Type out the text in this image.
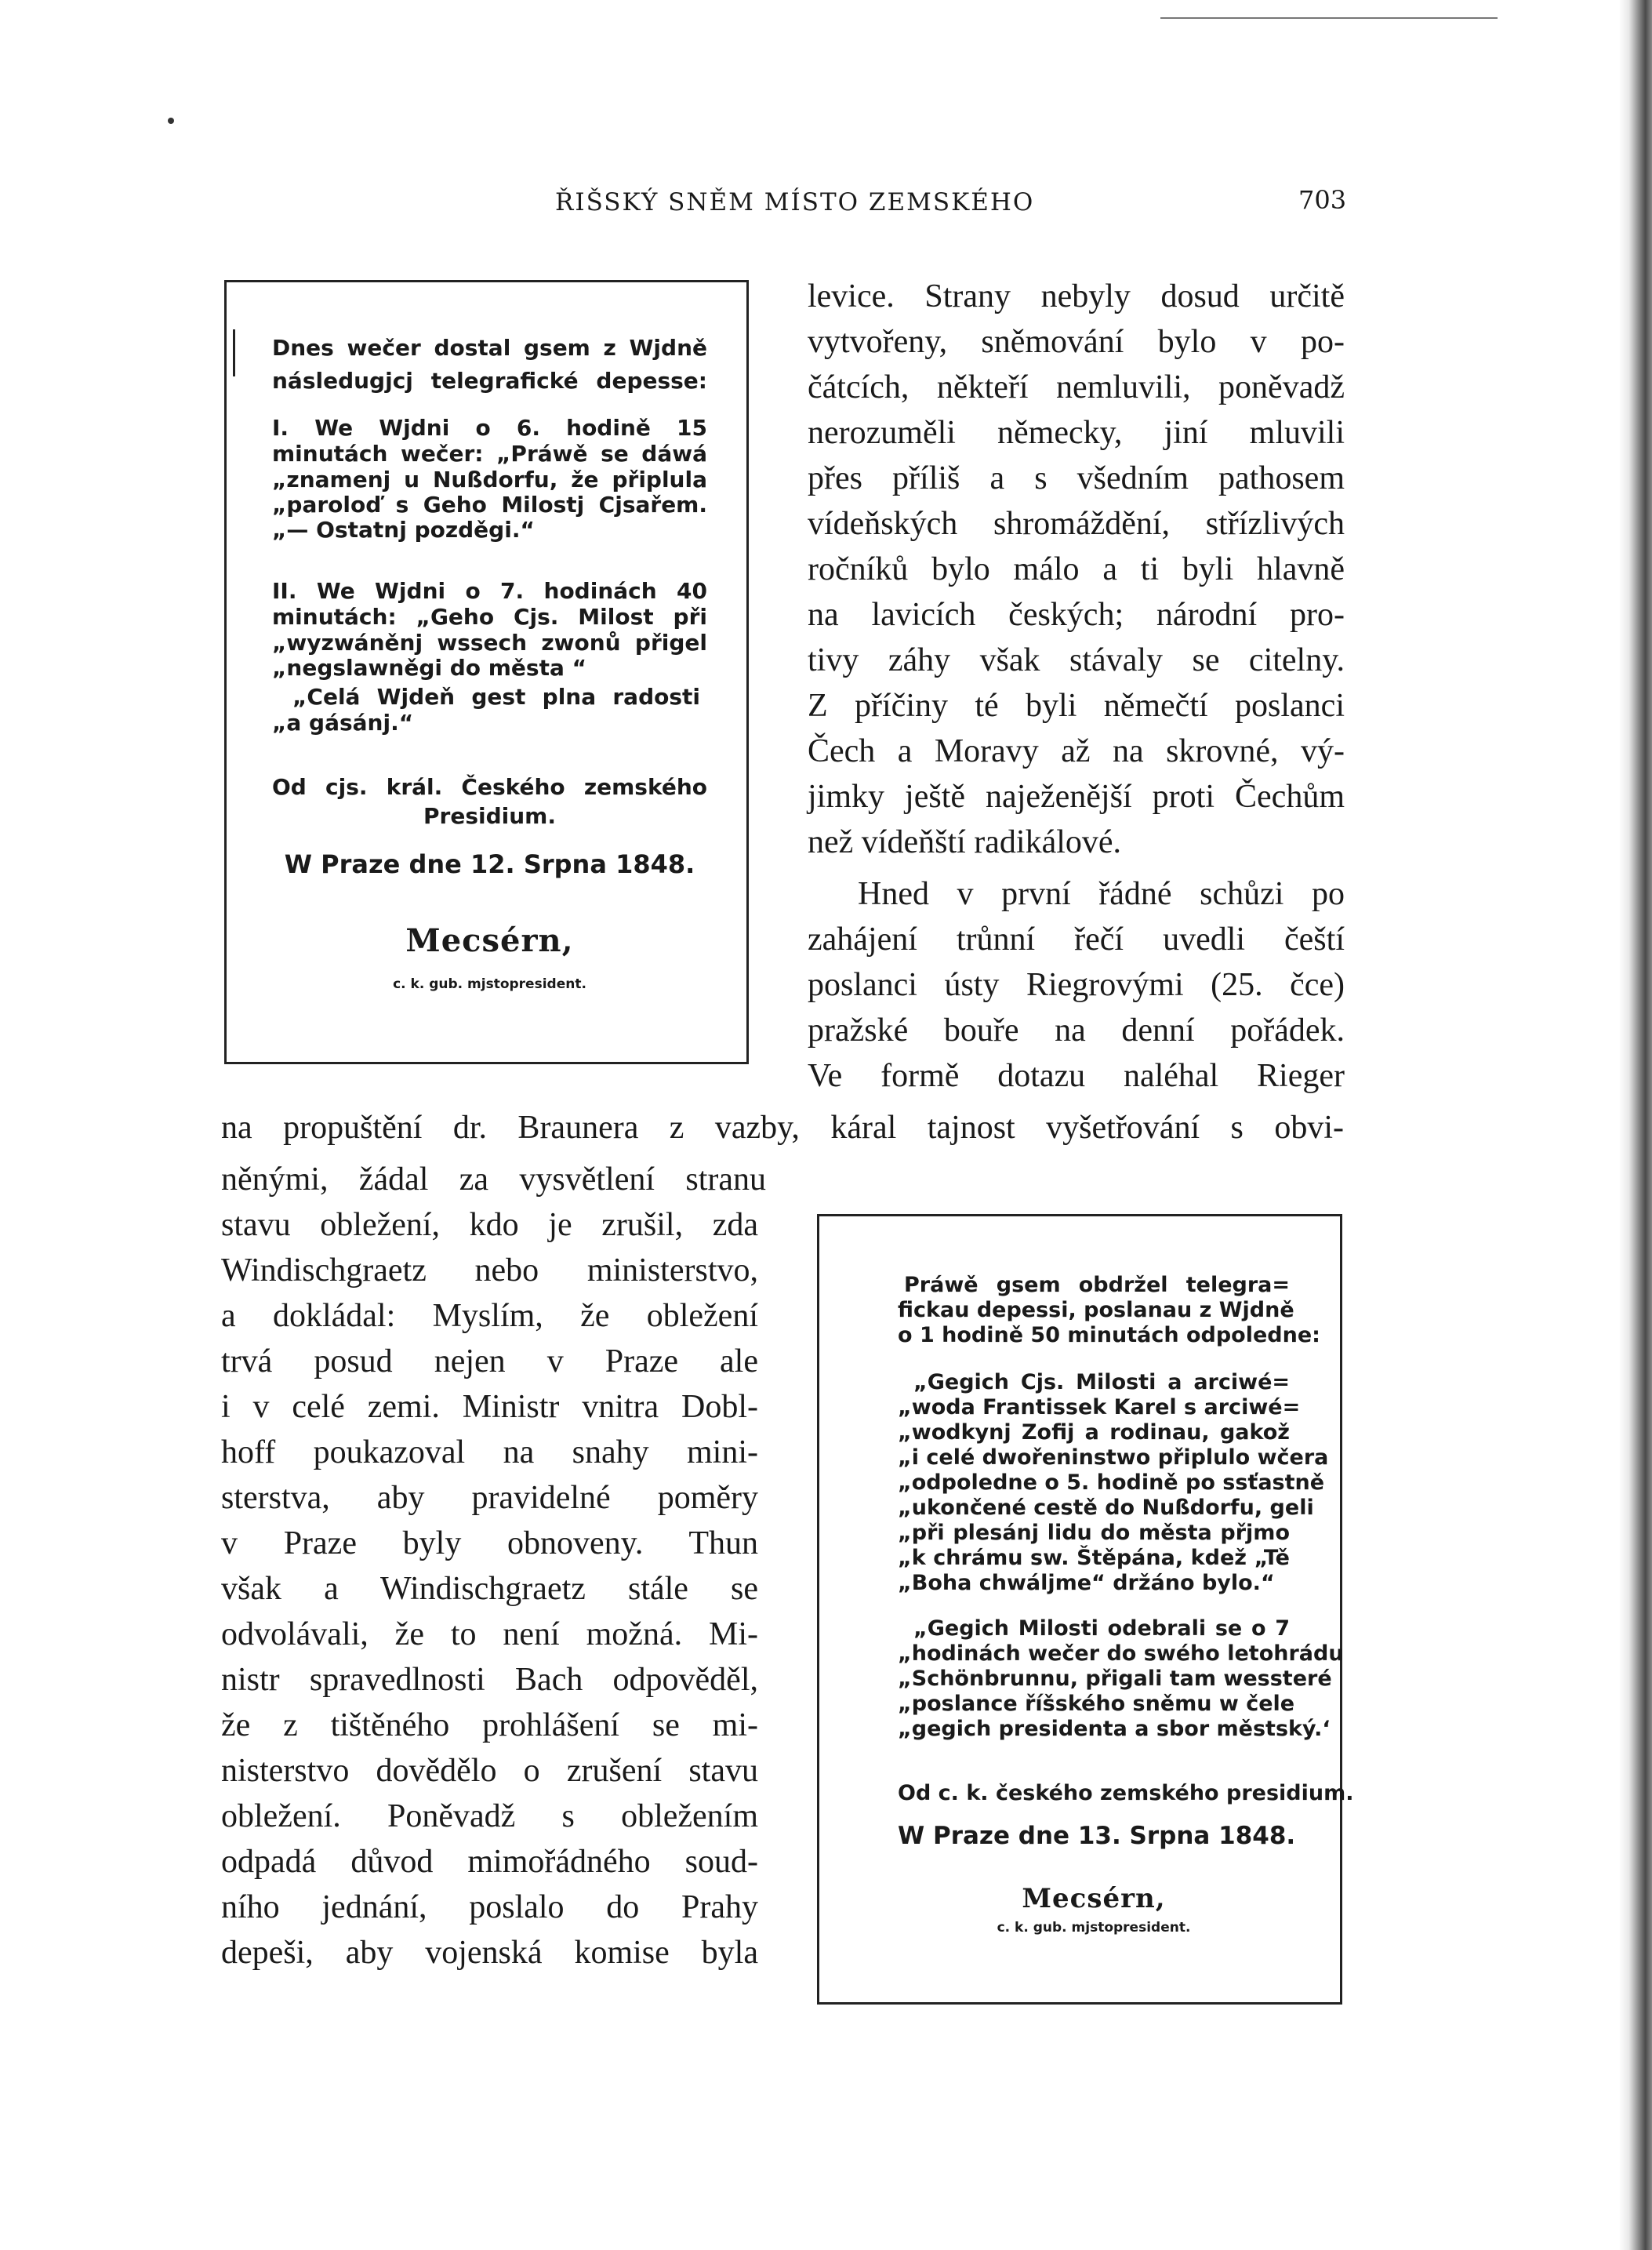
ŘIŠSKÝ SNĚM MÍSTO ZEMSKÉHO	703
Dnes wečer dostal gsem z Wjdně
následugjcj telegrafické depesse:
I. We Wjdni o 6. hodině 15
minutách wečer: „Práwě se dáwá
„znamenj u Nußdorfu, že připlula
„paroloď s Geho Milostj Cjsařem.
„— Ostatnj pozděgi.“
II. We Wjdni o 7. hodinách 40
minutách: „Geho Cjs. Milost při
„wyzwáněnj wssech zwonů přigel
„negslawněgi do města “
„Celá Wjdeň gest plna radosti
„a gásánj.“
Od cjs. král. Českého zemského
Presidium.
W Praze dne 12. Srpna 1848.
Mecsérn,
c. k. gub. mjstopresident.
levice. Strany nebyly dosud určitě
vytvořeny, sněmování bylo v po-
čátcích, někteří nemluvili, poněvadž
nerozuměli německy, jiní mluvili
přes příliš a s všedním pathosem
vídeňských shromáždění, střízlivých
ročníků bylo málo a ti byli hlavně
na lavicích českých; národní pro-
tivy záhy však stávaly se citelny.
Z příčiny té byli němečtí poslanci
Čech a Moravy až na skrovné, vý-
jimky ještě naježenější proti Čechům
než vídeňští radikálové.
Hned v první řádné schůzi po
zahájení trůnní řečí uvedli čeští
poslanci ústy Riegrovými (25. čce)
pražské bouře na denní pořádek.
Ve formě dotazu naléhal Rieger
na propuštění dr. Braunera z vazby, káral tajnost vyšetřování s obvi-
něnými, žádal za vysvětlení stranu
stavu obležení, kdo je zrušil, zda
Windischgraetz nebo ministerstvo,
a dokládal: Myslím, že obležení
trvá posud nejen v Praze ale
i v celé zemi. Ministr vnitra Dobl-
hoff poukazoval na snahy mini-
sterstva, aby pravidelné poměry
v Praze byly obnoveny. Thun
však a Windischgraetz stále se
odvolávali, že to není možná. Mi-
nistr spravedlnosti Bach odpověděl,
že z tištěného prohlášení se mi-
nisterstvo dovědělo o zrušení stavu
obležení. Poněvadž s obležením
odpadá důvod mimořádného soud-
ního jednání, poslalo do Prahy
depeši, aby vojenská komise byla
Práwě gsem obdržel telegra=
fickau depessi, poslanau z Wjdně
o 1 hodině 50 minutách odpoledne:
„Gegich Cjs. Milosti a arciwé=
„woda Frantissek Karel s arciwé=
„wodkynj Zofij a rodinau, gakož
„i celé dwořeninstwo připlulo wčera
„odpoledne o 5. hodině po ssťastně
„ukončené cestě do Nußdorfu, geli
„při plesánj lidu do města přjmo
„k chrámu sw. Štěpána, kdež „Tě
„Boha chwáljme“ držáno bylo.“
„Gegich Milosti odebrali se o 7
„hodinách wečer do swého letohrádu
„Schönbrunnu, přigali tam wessteré
„poslance říšského sněmu w čele
„gegich presidenta a sbor městský.‘
Od c. k. českého zemského presidium.
W Praze dne 13. Srpna 1848.
Mecsérn,
c. k. gub. mjstopresident.
